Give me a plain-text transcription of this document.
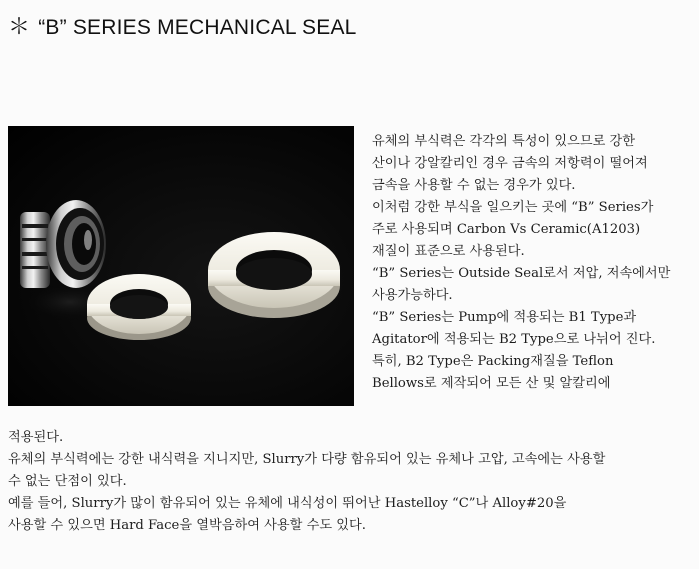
＊ “B” SERIES MECHANICAL SEAL
유체의 부식력은 각각의 특성이 있으므로 강한
산이나 강알칼리인 경우 금속의 저항력이 떨어져
금속을 사용할 수 없는 경우가 있다.
이처럼 강한 부식을 일으키는 곳에 “B” Series가
주로 사용되며 Carbon Vs Ceramic(A1203)
재질이 표준으로 사용된다.
“B” Series는 Outside Seal로서 저압, 저속에서만
사용가능하다.
“B” Series는 Pump에 적용되는 B1 Type과
Agitator에 적용되는 B2 Type으로 나뉘어 진다.
특히, B2 Type은 Packing재질을 Teflon
Bellows로 제작되어 모든 산 및 알칼리에
적용된다.
유체의 부식력에는 강한 내식력을 지니지만, Slurry가 다량 함유되어 있는 유체나 고압, 고속에는 사용할
수 없는 단점이 있다.
예를 들어, Slurry가 많이 함유되어 있는 유체에 내식성이 뛰어난 Hastelloy “C”나 Alloy#20을
사용할 수 있으면 Hard Face을 열박음하여 사용할 수도 있다.
